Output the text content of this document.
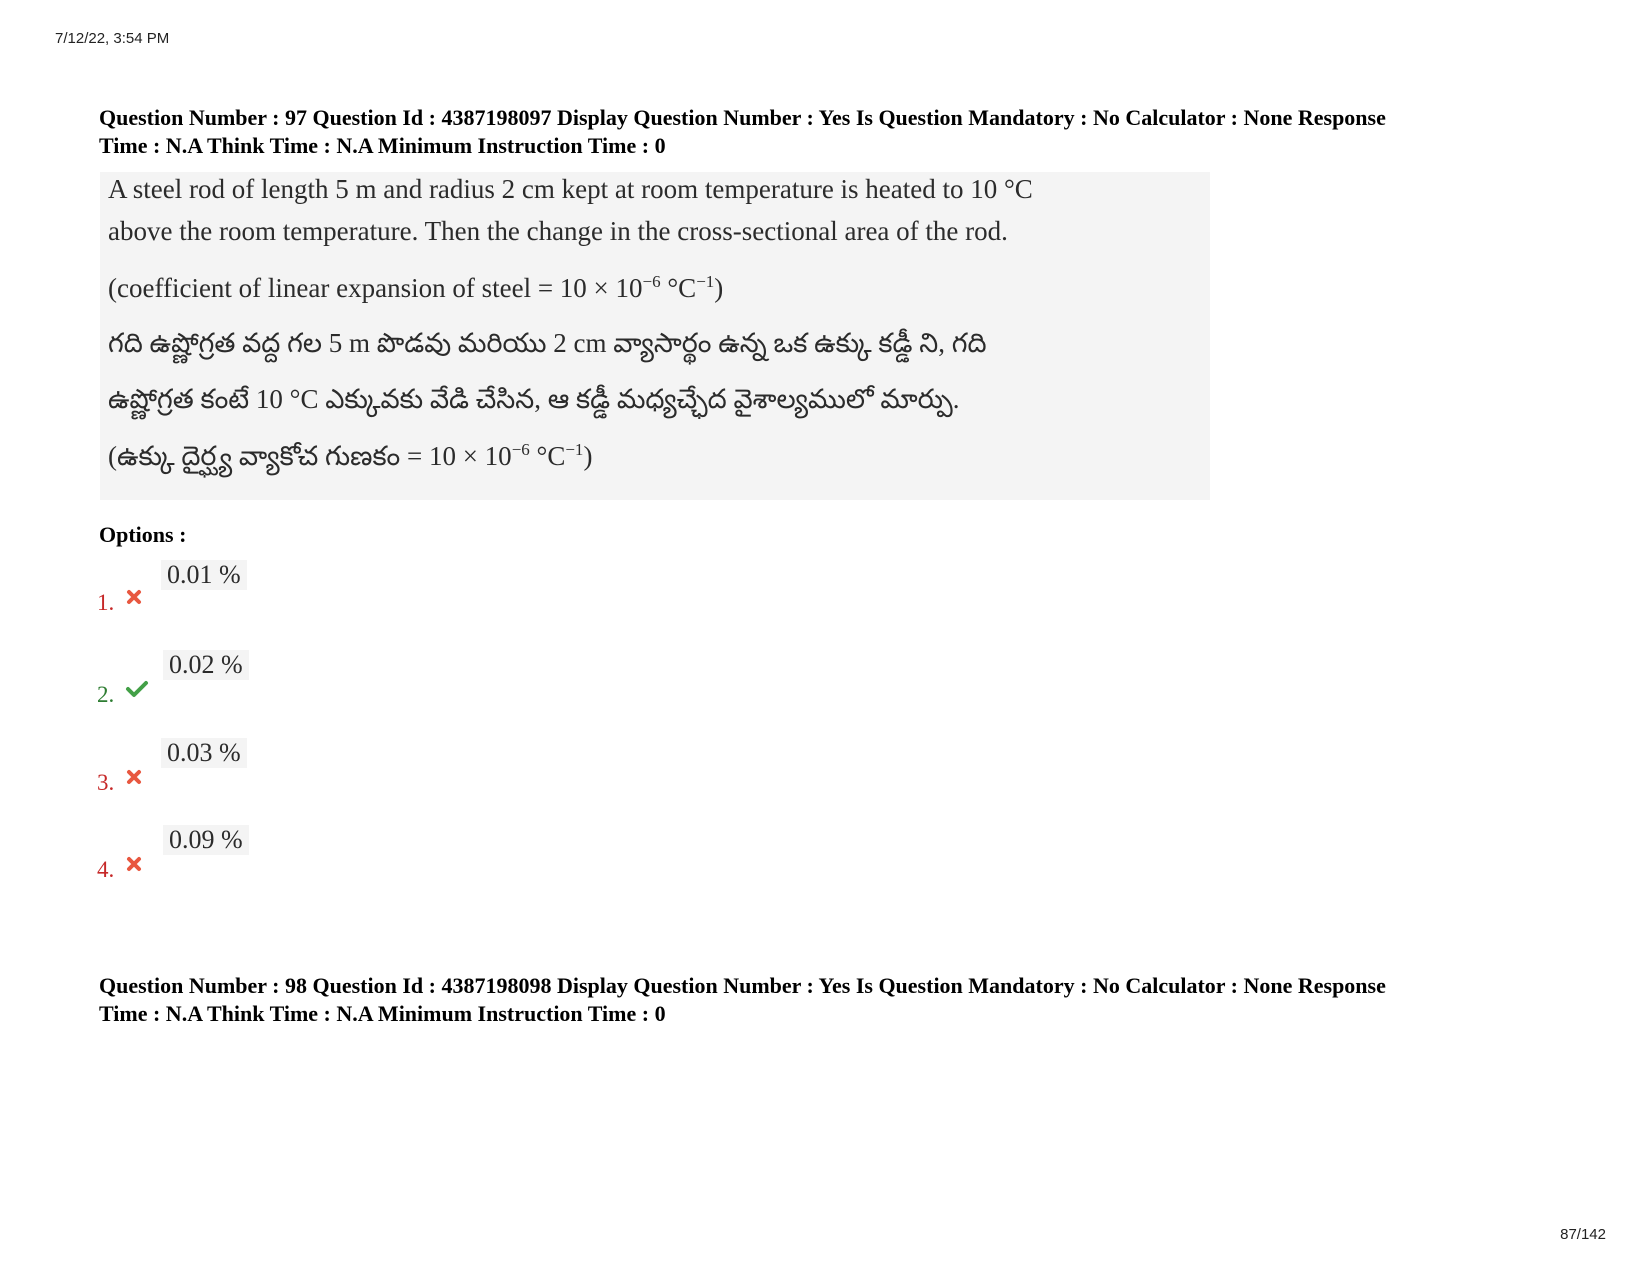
7/12/22, 3:54 PM
Question Number : 97 Question Id : 4387198097 Display Question Number : Yes Is Question Mandatory : No Calculator : None Response
Time : N.A Think Time : N.A Minimum Instruction Time : 0
A steel rod of length 5 m and radius 2 cm kept at room temperature is heated to 10 °C
above the room temperature. Then the change in the cross-sectional area of the rod.
(coefficient of linear expansion of steel = $10 \times 10^{-6}$ $^\circ C^{-1}$)
గది ఉష్ణోగ్రత వద్ద గల 5 m పొడవు మరియు 2 cm వ్యాసార్థం ఉన్న ఒక ఉక్కు కడ్డీ ని, గది
ఉష్ణోగ్రత కంటే 10 °C ఎక్కువకు వేడి చేసిన, ఆ కడ్డీ మధ్యచ్ఛేద వైశాల్యములో మార్పు.
(ఉక్కు దైర్ఘ్య వ్యాకోచ గుణకం = $10 \times 10^{-6}$ $^\circ C^{-1}$)
Options :
1.
0.01 %
2.
0.02 %
3.
0.03 %
4.
0.09 %
Question Number : 98 Question Id : 4387198098 Display Question Number : Yes Is Question Mandatory : No Calculator : None Response
Time : N.A Think Time : N.A Minimum Instruction Time : 0
87/142
